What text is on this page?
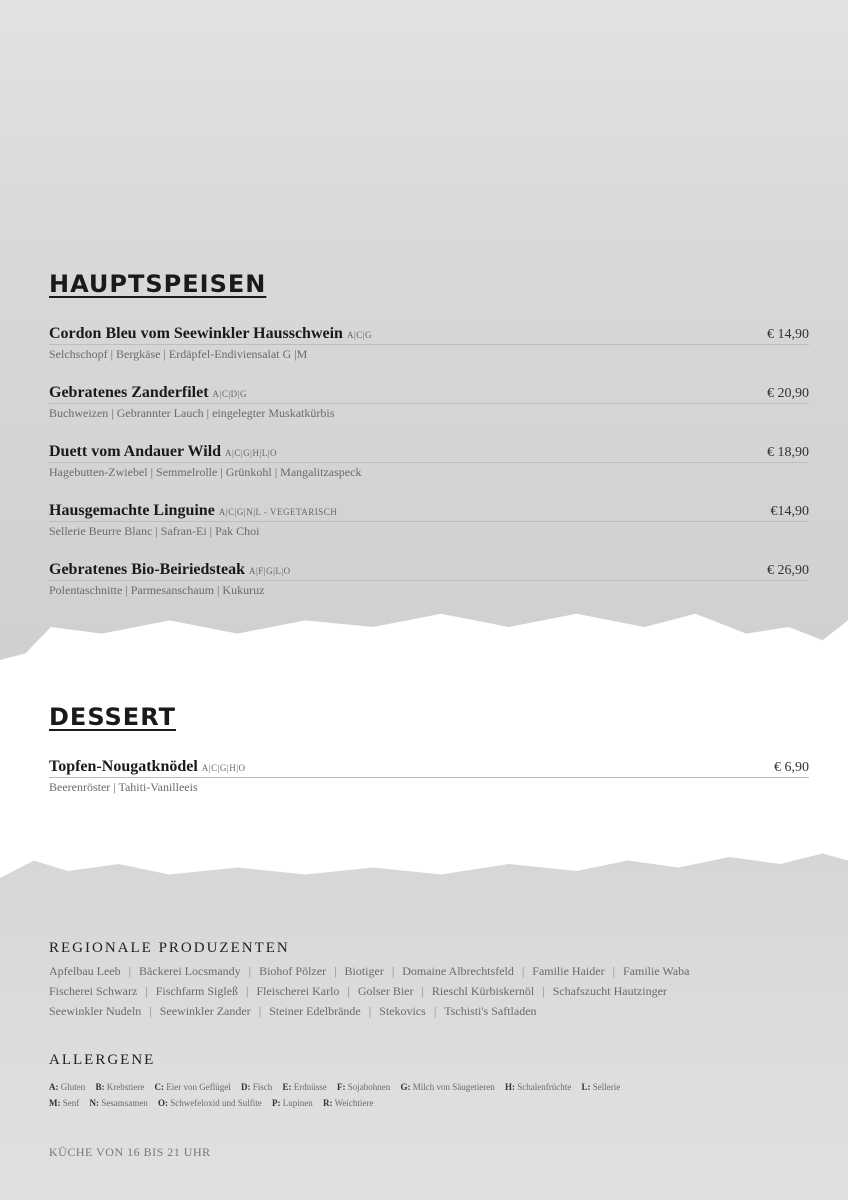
HAUPTSPEISEN
Cordon Bleu vom Seewinkler Hausschwein A|C|G	€ 14,90
Selchschopf | Bergkäse | Erdäpfel-Endiviensalat G |M
Gebratenes Zanderfilet A|C|D|G	€ 20,90
Buchweizen | Gebrannter Lauch | eingelegter Muskatkürbis
Duett vom Andauer Wild A|C|G|H|L|O	€ 18,90
Hagebutten-Zwiebel | Semmelrolle | Grünkohl | Mangalitzaspeck
Hausgemachte Linguine A|C|G|N|L - VEGETARISCH	€14,90
Sellerie Beurre Blanc | Safran-Ei | Pak Choi
Gebratenes Bio-Beiriedsteak A|F|G|L|O	€ 26,90
Polentaschnitte | Parmesanschaum | Kukuruz
DESSERT
Topfen-Nougatknödel A|C|G|H|O	€ 6,90
Beerenröster | Tahiti-Vanilleeis
REGIONALE PRODUZENTEN
Apfelbau Leeb | Bäckerei Locsmandy | Biohof Pölzer | Biotiger | Domaine Albrechtsfeld | Familie Haider | Familie Waba
Fischerei Schwarz | Fischfarm Sigleß | Fleischerei Karlo | Golser Bier | Rieschl Kürbiskernöl | Schafszucht Hautzinger
Seewinkler Nudeln | Seewinkler Zander | Steiner Edelbrände | Stekovics | Tschisti's Saftladen
ALLERGENE
A: Gluten B: Krebstiere C: Eier von Geflügel D: Fisch E: Erdnüsse F: Sojabohnen G: Milch von Säugetieren H: Schalenfrüchte L: Sellerie
M: Senf N: Sesamsamen O: Schwefeloxid und Sulfite P: Lupinen R: Weichtiere
KÜCHE VON 16 BIS 21 UHR
